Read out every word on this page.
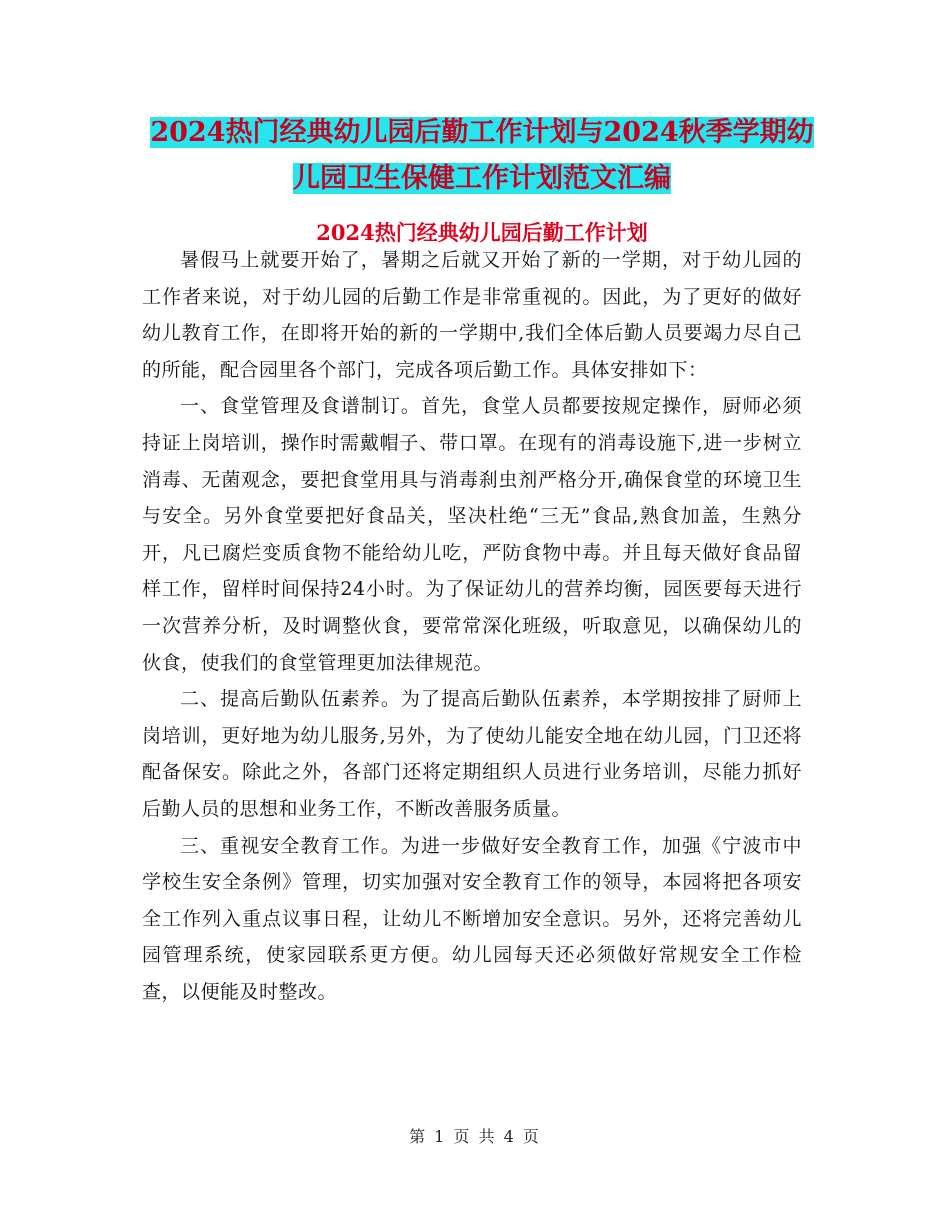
2024热门经典幼儿园后勤工作计划与2024秋季学期幼
儿园卫生保健工作计划范文汇编
2024热门经典幼儿园后勤工作计划

暑假马上就要开始了，暑期之后就又开始了新的一学期，对于幼儿园的工作者来说，对于幼儿园的后勤工作是非常重视的。因此，为了更好的做好幼儿教育工作，在即将开始的新的一学期中,我们全体后勤人员要竭力尽自己的所能，配合园里各个部门，完成各项后勤工作。具体安排如下：

一、食堂管理及食谱制订。首先，食堂人员都要按规定操作，厨师必须持证上岗培训，操作时需戴帽子、带口罩。在现有的消毒设施下,进一步树立消毒、无菌观念，要把食堂用具与消毒刹虫剂严格分开,确保食堂的环境卫生与安全。另外食堂要把好食品关，坚决杜绝“三无”食品,熟食加盖，生熟分开，凡已腐烂变质食物不能给幼儿吃，严防食物中毒。并且每天做好食品留样工作，留样时间保持24小时。为了保证幼儿的营养均衡，园医要每天进行一次营养分析，及时调整伙食，要常常深化班级，听取意见，以确保幼儿的伙食，使我们的食堂管理更加法律规范。

二、提高后勤队伍素养。为了提高后勤队伍素养，本学期按排了厨师上岗培训，更好地为幼儿服务,另外，为了使幼儿能安全地在幼儿园，门卫还将配备保安。除此之外，各部门还将定期组织人员进行业务培训，尽能力抓好后勤人员的思想和业务工作，不断改善服务质量。

三、重视安全教育工作。为进一步做好安全教育工作，加强《宁波市中学校生安全条例》管理，切实加强对安全教育工作的领导，本园将把各项安全工作列入重点议事日程，让幼儿不断增加安全意识。另外，还将完善幼儿园管理系统，使家园联系更方便。幼儿园每天还必须做好常规安全工作检查，以便能及时整改。

第 1 页 共 4 页
